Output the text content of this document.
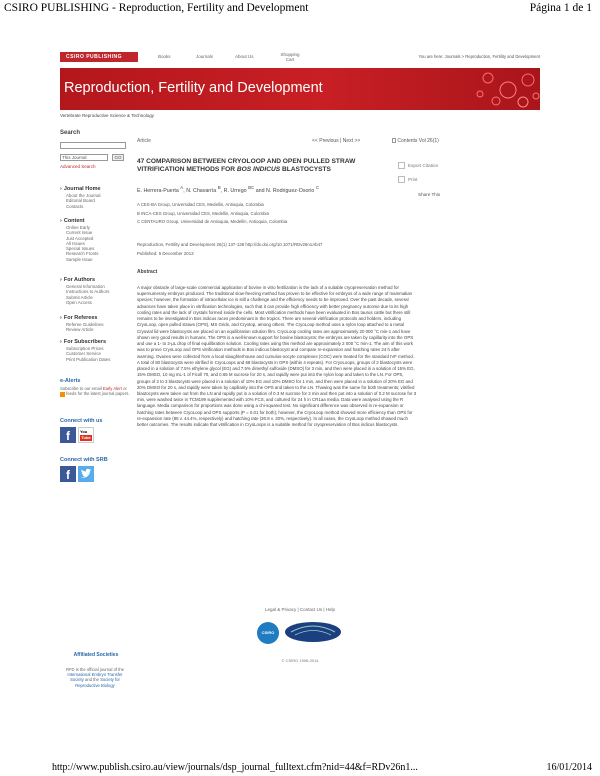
CSIRO PUBLISHING - Reproduction, Fertility and Development	Página 1 de 1
CSIRO PUBLISHING	Books	Journals	About Us	Shopping Cart
You are here: Journals > Reproduction, Fertility and Development
Reproduction, Fertility and Development
Vertebrate Reproductive Science & Technology
Search
This Journal	GO
Advanced Search
› Journal Home
About the Journal
Editorial Board
Contacts
› Content
Online Early
Current Issue
Just Accepted
All Issues
Special Issues
Research Fronts
Sample Issue
› For Authors
General Information
Instructions to Authors
Submit Article
Open Access
› For Referees
Referee Guidelines
Review Article
› For Subscribers
Subscription Prices
Customer Service
Print Publication Dates
e-Alerts
Subscribe to our email Early Alert or  feeds for the latest journal papers.
Connect with us
f	You
Tube
Connect with SRB
f
Affiliated Societies
RFD is the official journal of the International Embryo Transfer Society and the Society for Reproductive Biology
Article	<< Previous | Next >>	Contents Vol 26(1)
47 COMPARISON BETWEEN CRYOLOOP AND OPEN PULLED STRAW VITRIFICATION METHODS FOR BOS INDICUS BLASTOCYSTS
E. Herrera-Puerta $^A$, N. Chavarría $^B$, R. Urrego $^{BC}$ and N. Rodriguez-Osorio $^C$
A CES-BA Group, Universidad CES, Medellin, Antioquia, Colombia
B INCA-CES Group, Universidad CES, Medellin, Antioquia, Colombia
C CENTAURO Group, Universidad de Antioquia, Medellin, Antioquia, Colombia
Reproduction, Fertility and Development 26(1) 137-138 http://dx.doi.org/10.1071/RDv26n1Ab47
Published: 5 December 2013
Abstract
A major obstacle of large-scale commercial application of bovine in vitro fertilization is the lack of a suitable cryopreservation method for supernumerary embryos produced. The traditional slow-freezing method has proven to be effective for embryos of a wide range of mammalian species; however, the formation of intracellular ice is still a challenge and the efficiency needs to be improved. Over the past decade, several advances have taken place in vitrification technologies, such that it can provide high efficiency with better pregnancy outcome due to its high cooling rates and the lack of crystals formed inside the cells. Most vitrification methods have been evaluated in Bos taurus cattle but there still remains to be investigated in Bos indicus races predominant in the tropics. There are several vitrification protocols and holders, including CryoLoop, open pulled straws (OPS), MS Grids, and Cryotop, among others. The CryoLoop method uses a nylon loop attached to a metal Cryovial lid were blastocysts are placed on an equilibration solution film. CryoLoop cooling rates are approximately 20 000 °C min-1 and have shown very good results in humans. The OPS is a well-known support for bovine blastocysts; the embryos are taken by capillarity into the OPS and use a 1- to 2-µL drop of final equilibration solution. Cooling rates using this method are approximately 2 000 °C min-1. The aim of this work was to prove CryoLoop and OPS vitrification methods in Bos indicus blastocyst and compare re-expansion and hatching rates 24 h after warming. Ovaries were collected from a local slaughterhouse and cumulus-oocyte complexes (COC) were treated for the standard IVF method. A total of 80 blastocysts were vitrified in CryoLoops and 68 blastocysts in OPS (within 4 repeats). For CryoLoops, groups of 2 blastocysts were placed in a solution of 7.5% ethylene glycol (EG) and 7.5% dimethyl sulfoxide (DMSO) for 3 min, and then were placed in a solution of 15% EG, 15% DMSO, 10 mg mL-1 of Ficoll 70, and 0.65 M sucrose for 20 s, and rapidly were put into the nylon loop and taken to the LN. For OPS, groups of 2 to 3 blastocysts were placed in a solution of 10% EG and 10% DMSO for 1 min, and then were placed in a solution of 20% EG and 20% DMSO for 20 s, and rapidly were taken by capillarity into the OPS and taken to the LN. Thawing was the same for both treatments; vitrified blastocysts were taken out from the LN and rapidly put in a solution of 0.3 M sucrose for 2 min and then put into a solution of 0.2 M sucrose for 3 min, were washed twice in TCM199 supplemented with 10% FCS, and cultured for 24 h in CR1aa media. Data were analysed using the R language. Media comparison for proportions was done using a chi-squared test. No significant difference was observed in re-expansion or hatching rates between CryoLoop and OPS supports (P = 0.01 for both); however, the CryoLoop method showed more efficiency than OPS for re-expansion rate (85 v. 44.4%, respectively) and hatching rate (30.8 v. 20%, respectively). In all cases, the CryoLoop method showed much better outcomes. The results indicate that vitrification in CryoLoops is a suitable method for cryopreservation of Bos indicus blastocysts.
Export Citation
Print
Share This
Legal & Privacy | Contact Us | Help
CSIRO
© CSIRO 1996-2014
http://www.publish.csiro.au/view/journals/dsp_journal_fulltext.cfm?nid=44&f=RDv26n1...	16/01/2014
